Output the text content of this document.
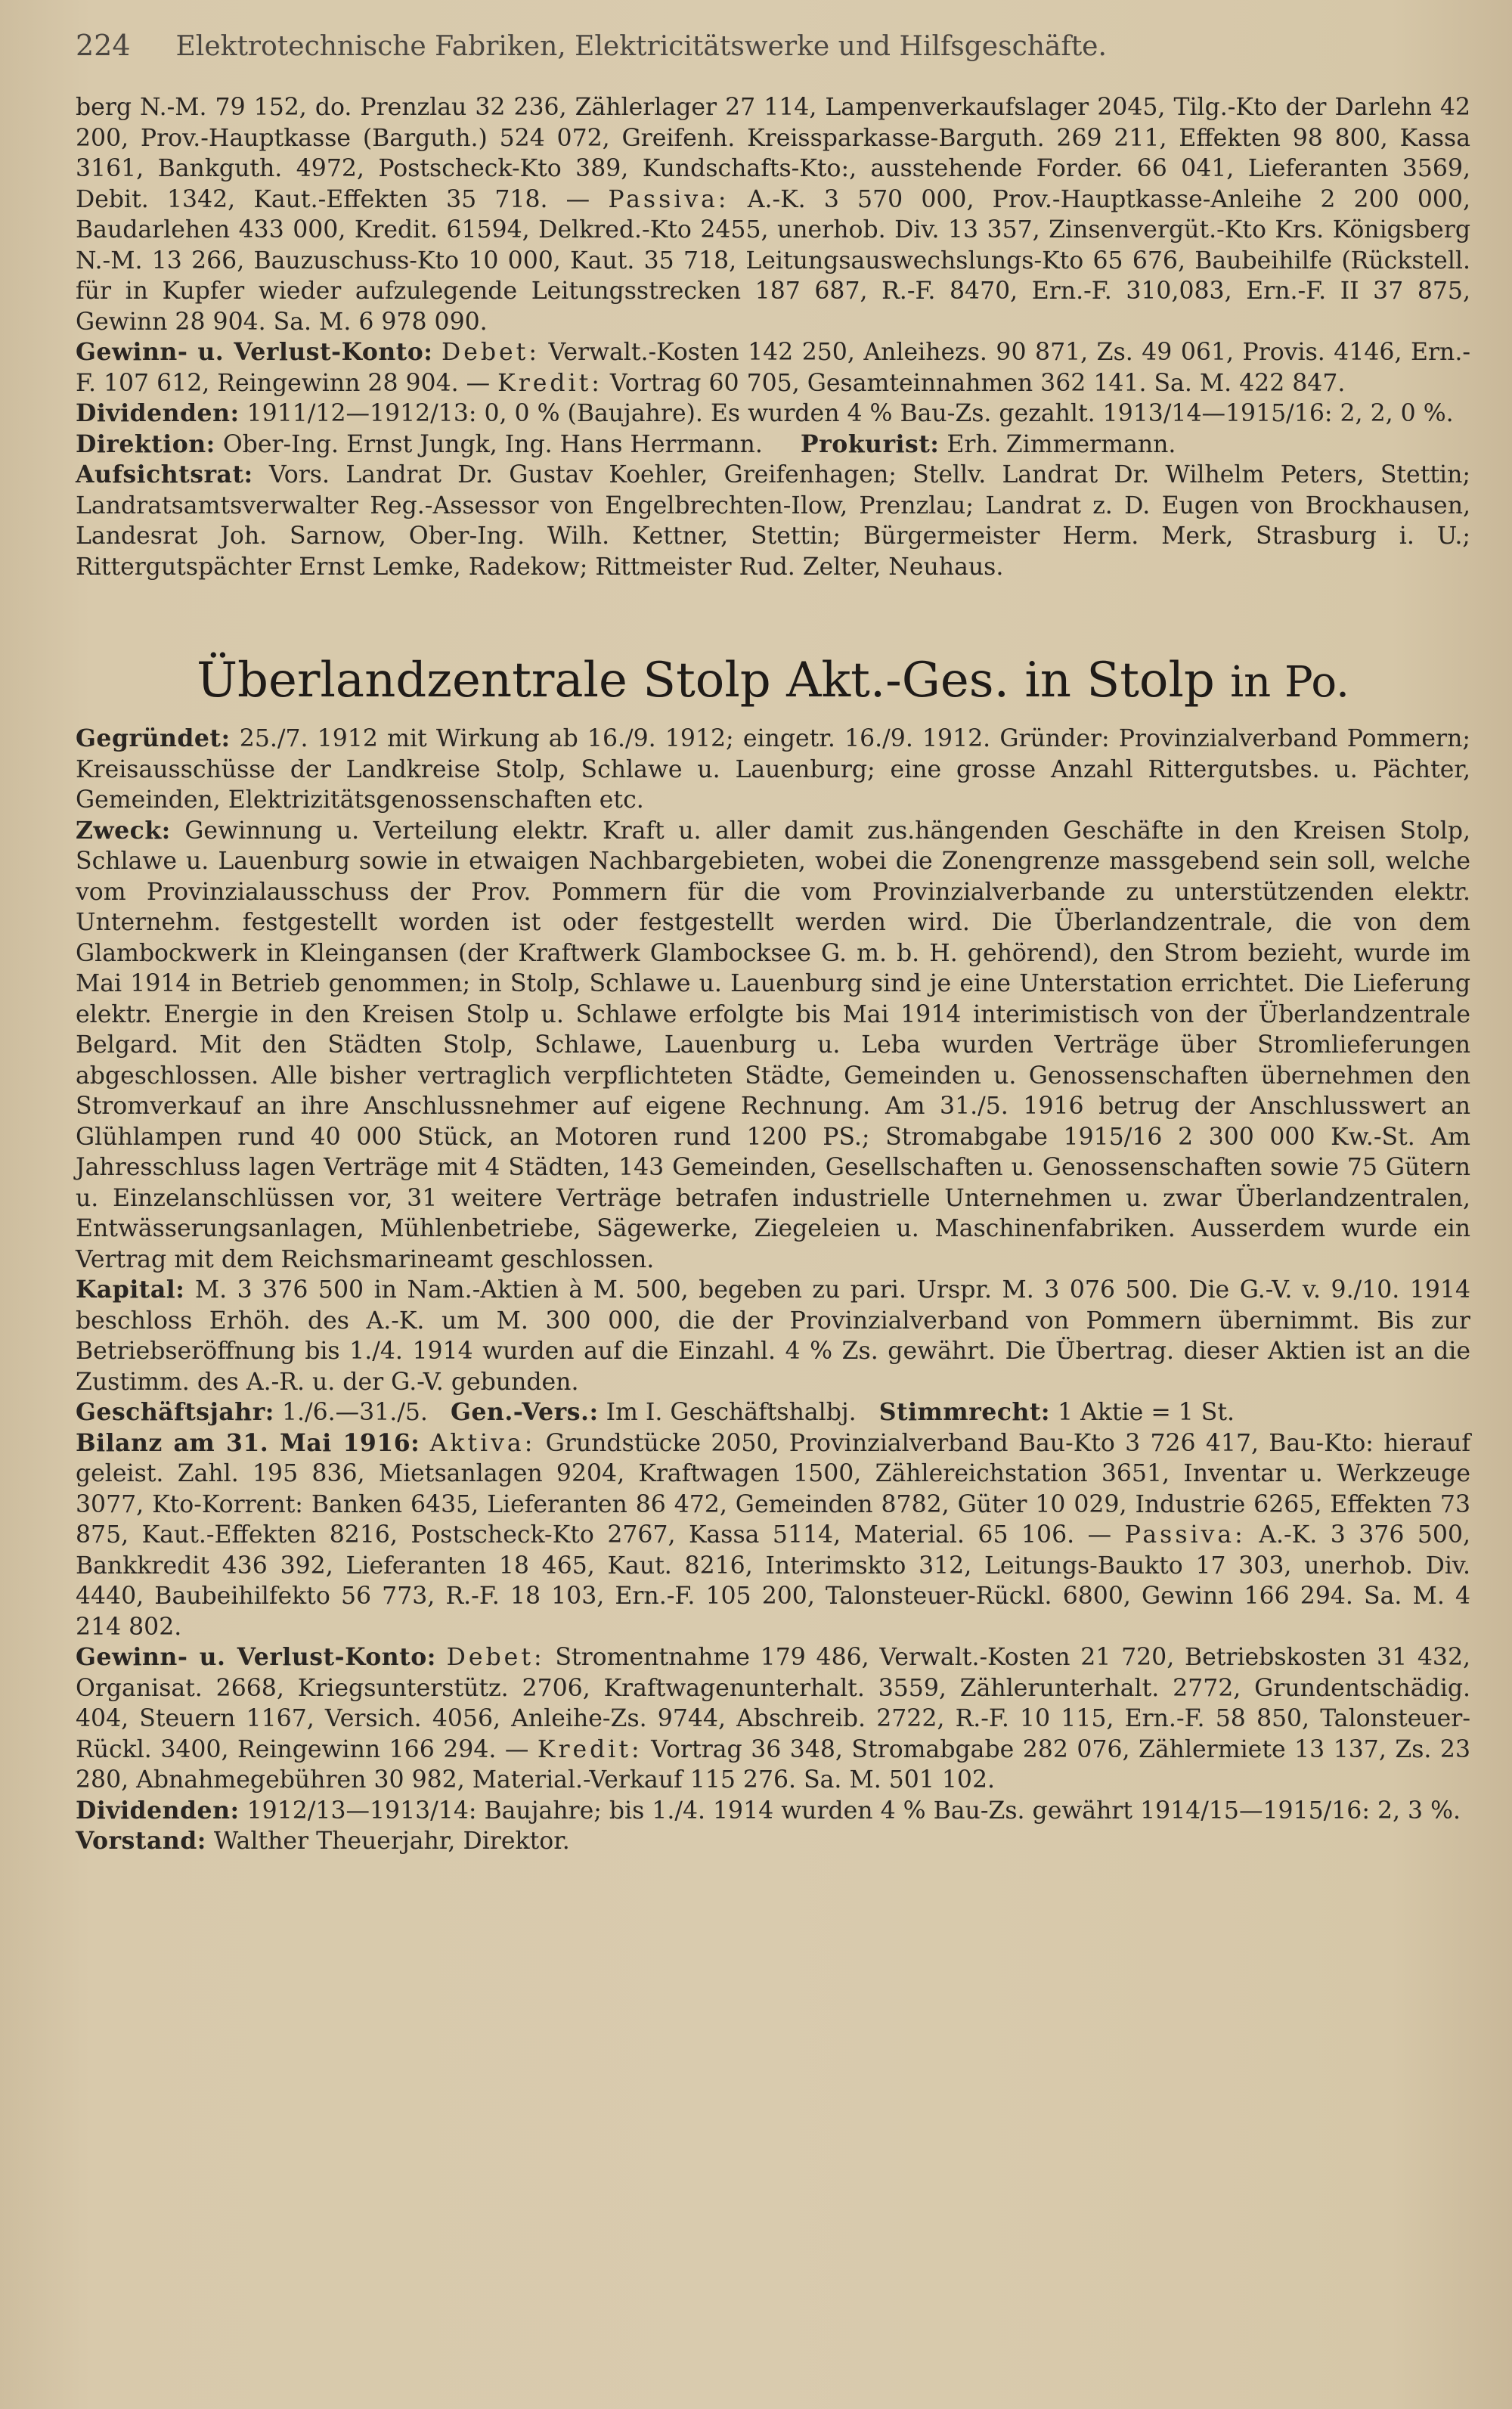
224 Elektrotechnische Fabriken, Elektricitätswerke und Hilfsgeschäfte.

berg N.-M. 79 152, do. Prenzlau 32 236, Zählerlager 27 114, Lampenverkaufslager 2045, Tilg.-Kto der Darlehn 42 200, Prov.-Hauptkasse (Barguth.) 524 072, Greifenh. Kreissparkasse-Barguth. 269 211, Effekten 98 800, Kassa 3161, Bankguth. 4972, Postscheck-Kto 389, Kundschafts-Kto:, ausstehende Forder. 66 041, Lieferanten 3569, Debit. 1342, Kaut.-Effekten 35 718. — Passiva: A.-K. 3 570 000, Prov.-Hauptkasse-Anleihe 2 200 000, Baudarlehen 433 000, Kredit. 61594, Delkred.-Kto 2455, unerhob. Div. 13 357, Zinsenvergüt.-Kto Krs. Königsberg N.-M. 13 266, Bauzuschuss-Kto 10 000, Kaut. 35 718, Leitungsauswechslungs-Kto 65 676, Baubeihilfe (Rückstell. für in Kupfer wieder aufzulegende Leitungsstrecken 187 687, R.-F. 8470, Ern.-F. 310,083, Ern.-F. II 37 875, Gewinn 28 904. Sa. M. 6 978 090.

Gewinn- u. Verlust-Konto: Debet: Verwalt.-Kosten 142 250, Anleihezs. 90 871, Zs. 49 061, Provis. 4146, Ern.-F. 107 612, Reingewinn 28 904. — Kredit: Vortrag 60 705, Gesamteinnahmen 362 141. Sa. M. 422 847.

Dividenden: 1911/12—1912/13: 0, 0 % (Baujahre). Es wurden 4 % Bau-Zs. gezahlt. 1913/14—1915/16: 2, 2, 0 %.

Direktion: Ober-Ing. Ernst Jungk, Ing. Hans Herrmann. Prokurist: Erh. Zimmermann.

Aufsichtsrat: Vors. Landrat Dr. Gustav Koehler, Greifenhagen; Stellv. Landrat Dr. Wilhelm Peters, Stettin; Landratsamtsverwalter Reg.-Assessor von Engelbrechten-Ilow, Prenzlau; Landrat z. D. Eugen von Brockhausen, Landesrat Joh. Sarnow, Ober-Ing. Wilh. Kettner, Stettin; Bürgermeister Herm. Merk, Strasburg i. U.; Rittergutspächter Ernst Lemke, Radekow; Rittmeister Rud. Zelter, Neuhaus.

Überlandzentrale Stolp Akt.-Ges. in Stolp in Po.

Gegründet: 25./7. 1912 mit Wirkung ab 16./9. 1912; eingetr. 16./9. 1912. Gründer: Provinzialverband Pommern; Kreisausschüsse der Landkreise Stolp, Schlawe u. Lauenburg; eine grosse Anzahl Rittergutsbes. u. Pächter, Gemeinden, Elektrizitätsgenossenschaften etc.

Zweck: Gewinnung u. Verteilung elektr. Kraft u. aller damit zus.hängenden Geschäfte in den Kreisen Stolp, Schlawe u. Lauenburg sowie in etwaigen Nachbargebieten, wobei die Zonengrenze massgebend sein soll, welche vom Provinzialausschuss der Prov. Pommern für die vom Provinzialverbande zu unterstützenden elektr. Unternehm. festgestellt worden ist oder festgestellt werden wird. Die Überlandzentrale, die von dem Glambockwerk in Kleingansen (der Kraftwerk Glambocksee G. m. b. H. gehörend), den Strom bezieht, wurde im Mai 1914 in Betrieb genommen; in Stolp, Schlawe u. Lauenburg sind je eine Unterstation errichtet. Die Lieferung elektr. Energie in den Kreisen Stolp u. Schlawe erfolgte bis Mai 1914 interimistisch von der Überlandzentrale Belgard. Mit den Städten Stolp, Schlawe, Lauenburg u. Leba wurden Verträge über Stromlieferungen abgeschlossen. Alle bisher vertraglich verpflichteten Städte, Gemeinden u. Genossenschaften übernehmen den Stromverkauf an ihre Anschlussnehmer auf eigene Rechnung. Am 31./5. 1916 betrug der Anschlusswert an Glühlampen rund 40 000 Stück, an Motoren rund 1200 PS.; Stromabgabe 1915/16 2 300 000 Kw.-St. Am Jahresschluss lagen Verträge mit 4 Städten, 143 Gemeinden, Gesellschaften u. Genossenschaften sowie 75 Gütern u. Einzelanschlüssen vor, 31 weitere Verträge betrafen industrielle Unternehmen u. zwar Überlandzentralen, Entwässerungsanlagen, Mühlenbetriebe, Sägewerke, Ziegeleien u. Maschinenfabriken. Ausserdem wurde ein Vertrag mit dem Reichsmarineamt geschlossen.

Kapital: M. 3 376 500 in Nam.-Aktien à M. 500, begeben zu pari. Urspr. M. 3 076 500. Die G.-V. v. 9./10. 1914 beschloss Erhöh. des A.-K. um M. 300 000, die der Provinzialverband von Pommern übernimmt. Bis zur Betriebseröffnung bis 1./4. 1914 wurden auf die Einzahl. 4 % Zs. gewährt. Die Übertrag. dieser Aktien ist an die Zustimm. des A.-R. u. der G.-V. gebunden.

Geschäftsjahr: 1./6.—31./5. Gen.-Vers.: Im I. Geschäftshalbj. Stimmrecht: 1 Aktie = 1 St.

Bilanz am 31. Mai 1916: Aktiva: Grundstücke 2050, Provinzialverband Bau-Kto 3 726 417, Bau-Kto: hierauf geleist. Zahl. 195 836, Mietsanlagen 9204, Kraftwagen 1500, Zählereichstation 3651, Inventar u. Werkzeuge 3077, Kto-Korrent: Banken 6435, Lieferanten 86 472, Gemeinden 8782, Güter 10 029, Industrie 6265, Effekten 73 875, Kaut.-Effekten 8216, Postscheck-Kto 2767, Kassa 5114, Material. 65 106. — Passiva: A.-K. 3 376 500, Bankkredit 436 392, Lieferanten 18 465, Kaut. 8216, Interimskto 312, Leitungs-Baukto 17 303, unerhob. Div. 4440, Baubeihilfekto 56 773, R.-F. 18 103, Ern.-F. 105 200, Talonsteuer-Rückl. 6800, Gewinn 166 294. Sa. M. 4 214 802.

Gewinn- u. Verlust-Konto: Debet: Stromentnahme 179 486, Verwalt.-Kosten 21 720, Betriebskosten 31 432, Organisat. 2668, Kriegsunterstütz. 2706, Kraftwagenunterhalt. 3559, Zählerunterhalt. 2772, Grundentschädig. 404, Steuern 1167, Versich. 4056, Anleihe-Zs. 9744, Abschreib. 2722, R.-F. 10 115, Ern.-F. 58 850, Talonsteuer-Rückl. 3400, Reingewinn 166 294. — Kredit: Vortrag 36 348, Stromabgabe 282 076, Zählermiete 13 137, Zs. 23 280, Abnahmegebühren 30 982, Material.-Verkauf 115 276. Sa. M. 501 102.

Dividenden: 1912/13—1913/14: Baujahre; bis 1./4. 1914 wurden 4 % Bau-Zs. gewährt 1914/15—1915/16: 2, 3 %.

Vorstand: Walther Theuerjahr, Direktor.
